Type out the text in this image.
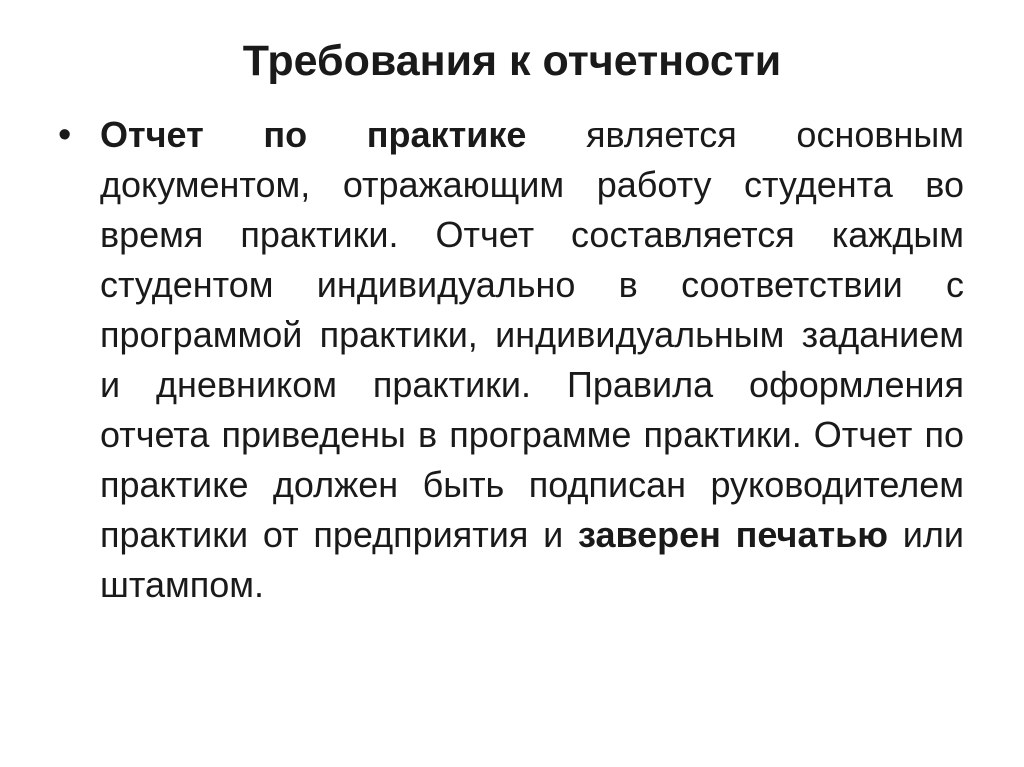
Требования к отчетности
• Отчет по практике является основным документом, отражающим работу студента во время практики. Отчет составляется каждым студентом индивидуально в соответствии с программой практики, индивидуальным заданием и дневником практики. Правила оформления отчета приведены в программе практики. Отчет по практике должен быть подписан руководителем практики от предприятия и заверен печатью или штампом.
